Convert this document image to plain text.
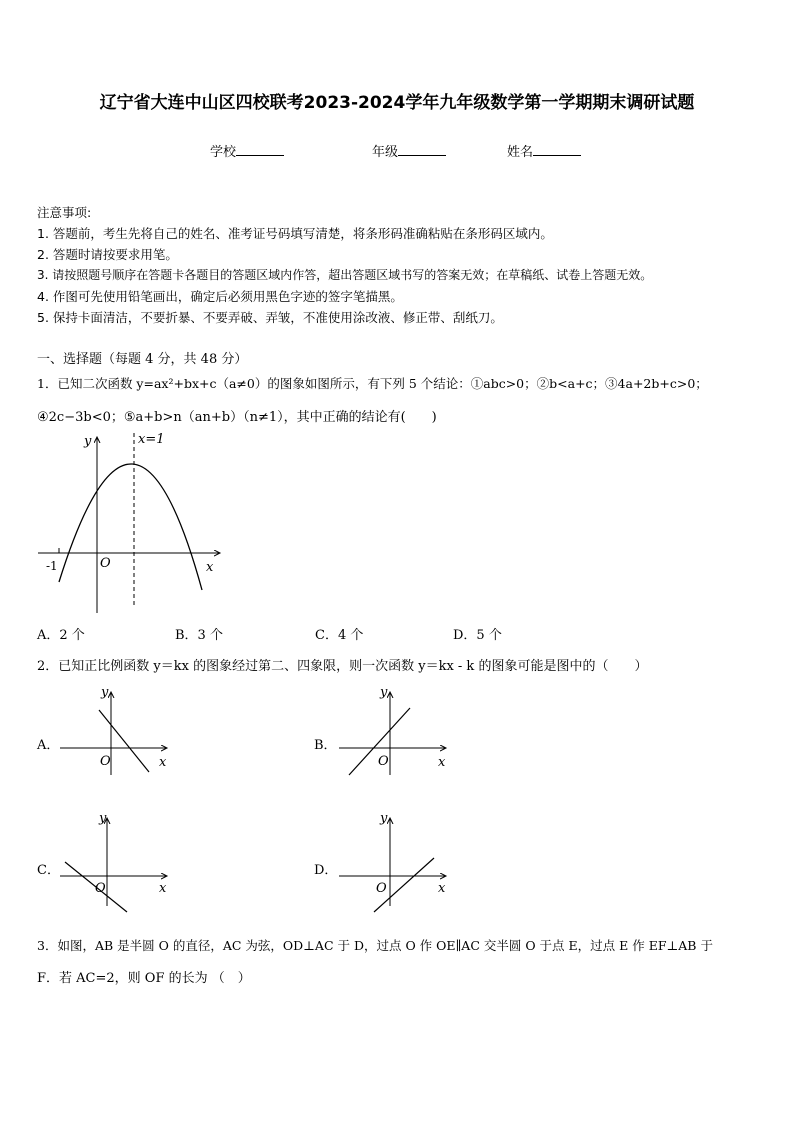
辽宁省大连中山区四校联考2023-2024学年九年级数学第一学期期末调研试题
学校	年级	姓名
注意事项:
1. 答题前，考生先将自己的姓名、准考证号码填写清楚，将条形码准确粘贴在条形码区域内。
2. 答题时请按要求用笔。
3. 请按照题号顺序在答题卡各题目的答题区域内作答，超出答题区域书写的答案无效；在草稿纸、试卷上答题无效。
4. 作图可先使用铅笔画出，确定后必须用黑色字迹的签字笔描黑。
5. 保持卡面清洁，不要折暴、不要弄破、弄皱，不准使用涂改液、修正带、刮纸刀。
一、选择题（每题 4 分，共 48 分）
1．已知二次函数 y=ax²+bx+c（a≠0）的图象如图所示，有下列 5 个结论：①abc>0；②b<a+c；③4a+2b+c>0；
④2c−3b<0；⑤a+b>n（an+b）（n≠1），其中正确的结论有(　　)
x=1
y
x
O
-1
A．2 个	B．3 个	C．4 个	D．5 个
2．已知正比例函数 y＝kx 的图象经过第二、四象限，则一次函数 y＝kx - k 的图象可能是图中的（　　）
A．
y
x
O
B．
y
x
O
C．
y
x
O
D．
y
x
O
3．如图，AB 是半圆 O 的直径，AC 为弦，OD⊥AC 于 D，过点 O 作 OE∥AC 交半圆 O 于点 E，过点 E 作 EF⊥AB 于
F．若 AC=2，则 OF 的长为 （　）
